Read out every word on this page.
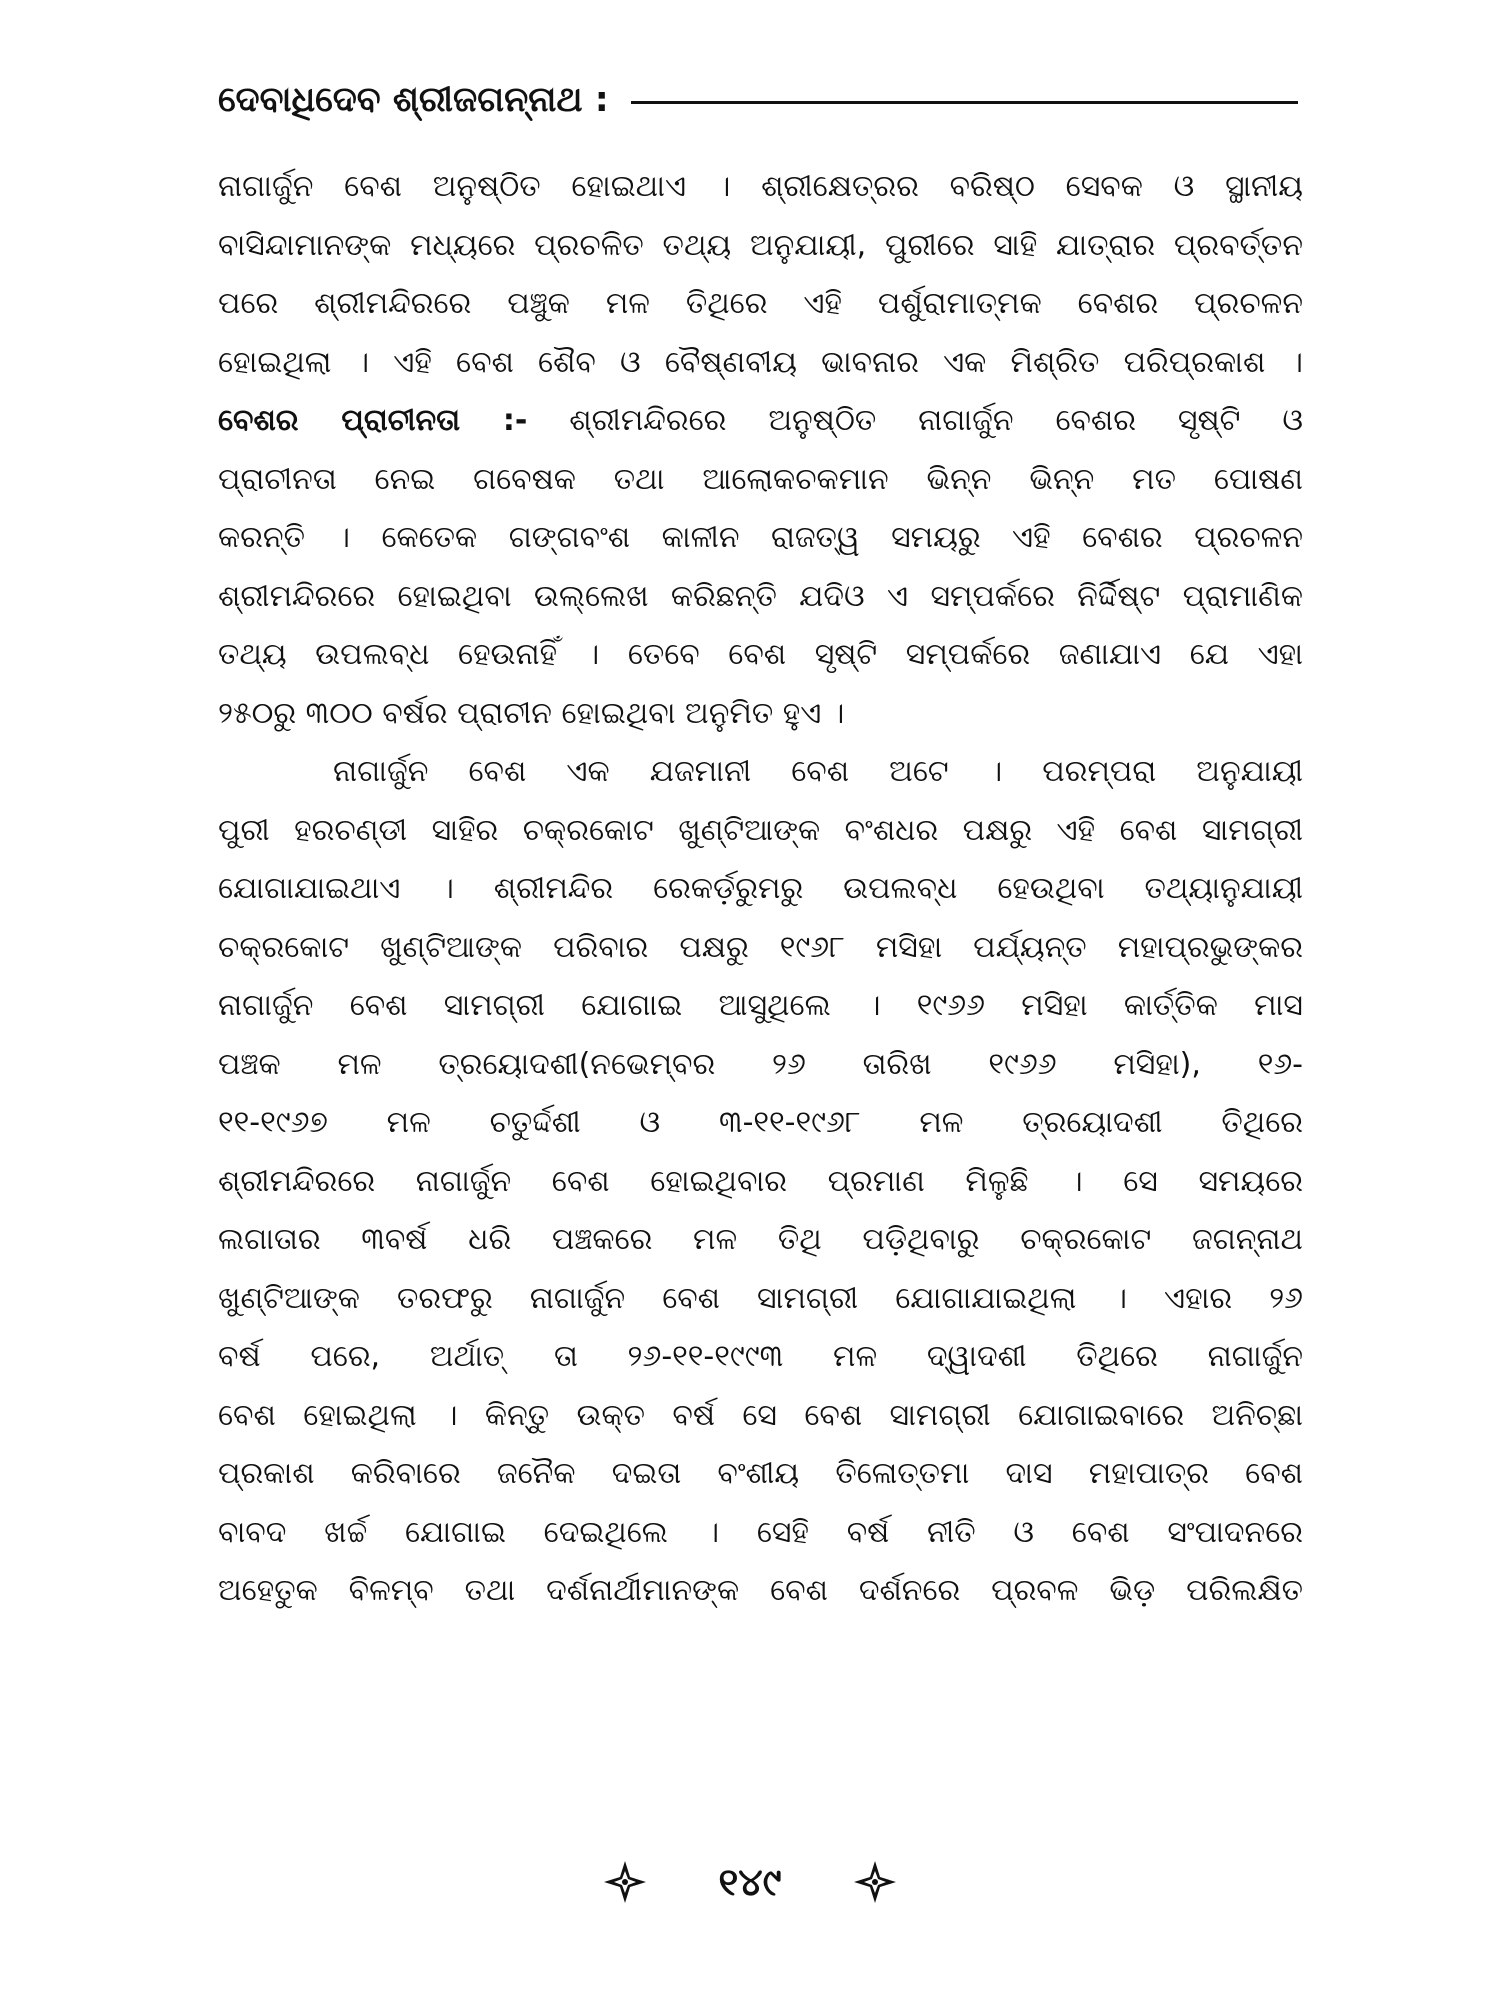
ଦେବାଧିଦେବ ଶ୍ରୀଜଗନ୍ନାଥ :
ନାଗାର୍ଜୁନ ବେଶ ଅନୁଷ୍ଠିତ ହୋଇଥାଏ । ଶ୍ରୀକ୍ଷେତ୍ରର ବରିଷ୍ଠ ସେବକ ଓ ସ୍ଥାନୀୟ
ବାସିନ୍ଦାମାନଙ୍କ ମଧ୍ୟରେ ପ୍ରଚଳିତ ତଥ୍ୟ ଅନୁଯାୟୀ, ପୁରୀରେ ସାହି ଯାତ୍ରାର ପ୍ରବର୍ତ୍ତନ
ପରେ ଶ୍ରୀମନ୍ଦିରରେ ପଞ୍ଚୁକ ମଳ ତିଥିରେ ଏହି ପର୍ଶୁରାମାତ୍ମକ ବେଶର ପ୍ରଚଳନ
ହୋଇଥିଲା । ଏହି ବେଶ ଶୈବ ଓ ବୈଷ୍ଣବୀୟ ଭାବନାର ଏକ ମିଶ୍ରିତ ପରିପ୍ରକାଶ ।
ବେଶର ପ୍ରାଚୀନତା :- ଶ୍ରୀମନ୍ଦିରରେ ଅନୁଷ୍ଠିତ ନାଗାର୍ଜୁନ ବେଶର ସୃଷ୍ଟି ଓ
ପ୍ରାଚୀନତା ନେଇ ଗବେଷକ ତଥା ଆଲୋକଚକମାନ ଭିନ୍ନ ଭିନ୍ନ ମତ ପୋଷଣ
କରନ୍ତି । କେତେକ ଗଙ୍ଗବଂଶ କାଳୀନ ରାଜତ୍ୱ ସମୟରୁ ଏହି ବେଶର ପ୍ରଚଳନ
ଶ୍ରୀମନ୍ଦିରରେ ହୋଇଥିବା ଉଲ୍ଲେଖ କରିଛନ୍ତି ଯଦିଓ ଏ ସମ୍ପର୍କରେ ନିର୍ଦ୍ଦିଷ୍ଟ ପ୍ରାମାଣିକ
ତଥ୍ୟ ଉପଲବ୍ଧ ହେଉନାହିଁ । ତେବେ ବେଶ ସୃଷ୍ଟି ସମ୍ପର୍କରେ ଜଣାଯାଏ ଯେ ଏହା
୨୫୦ରୁ ୩୦୦ ବର୍ଷର ପ୍ରାଚୀନ ହୋଇଥିବା ଅନୁମିତ ହୁଏ ।
ନାଗାର୍ଜୁନ ବେଶ ଏକ ଯଜମାନୀ ବେଶ ଅଟେ । ପରମ୍ପରା ଅନୁଯାୟୀ
ପୁରୀ ହରଚଣ୍ଡୀ ସାହିର ଚକ୍ରକୋଟ ଖୁଣ୍ଟିଆଙ୍କ ବଂଶଧର ପକ୍ଷରୁ ଏହି ବେଶ ସାମଗ୍ରୀ
ଯୋଗାଯାଇଥାଏ । ଶ୍ରୀମନ୍ଦିର ରେକର୍ଡ଼ରୁମରୁ ଉପଲବ୍ଧ ହେଉଥିବା ତଥ୍ୟାନୁଯାୟୀ
ଚକ୍ରକୋଟ ଖୁଣ୍ଟିଆଙ୍କ ପରିବାର ପକ୍ଷରୁ ୧୯୬୮ ମସିହା ପର୍ଯ୍ୟନ୍ତ ମହାପ୍ରଭୁଙ୍କର
ନାଗାର୍ଜୁନ ବେଶ ସାମଗ୍ରୀ ଯୋଗାଇ ଆସୁଥିଲେ । ୧୯୬୬ ମସିହା କାର୍ତ୍ତିକ ମାସ
ପଞ୍ଚକ ମଳ ତ୍ରୟୋଦଶୀ(ନଭେମ୍ବର ୨୬ ତାରିଖ ୧୯୬୬ ମସିହା), ୧୬-
୧୧-୧୯୬୭ ମଳ ଚତୁର୍ଦ୍ଦଶୀ ଓ ୩-୧୧-୧୯୬୮ ମଳ ତ୍ରୟୋଦଶୀ ତିଥିରେ
ଶ୍ରୀମନ୍ଦିରରେ ନାଗାର୍ଜୁନ ବେଶ ହୋଇଥିବାର ପ୍ରମାଣ ମିଳୁଛି । ସେ ସମୟରେ
ଲଗାତାର ୩ବର୍ଷ ଧରି ପଞ୍ଚକରେ ମଳ ତିଥି ପଡ଼ିଥିବାରୁ ଚକ୍ରକୋଟ ଜଗନ୍ନାଥ
ଖୁଣ୍ଟିଆଙ୍କ ତରଫରୁ ନାଗାର୍ଜୁନ ବେଶ ସାମଗ୍ରୀ ଯୋଗାଯାଇଥିଲା । ଏହାର ୨୬
ବର୍ଷ ପରେ, ଅର୍ଥାତ୍ ତା ୨୬-୧୧-୧୯୯୩ ମଳ ଦ୍ୱାଦଶୀ ତିଥିରେ ନାଗାର୍ଜୁନ
ବେଶ ହୋଇଥିଲା । କିନ୍ତୁ ଉକ୍ତ ବର୍ଷ ସେ ବେଶ ସାମଗ୍ରୀ ଯୋଗାଇବାରେ ଅନିଚ୍ଛା
ପ୍ରକାଶ କରିବାରେ ଜନୈକ ଦଇତା ବଂଶୀୟ ତିଳୋତ୍ତମା ଦାସ ମହାପାତ୍ର ବେଶ
ବାବଦ ଖର୍ଚ୍ଚ ଯୋଗାଇ ଦେଇଥିଲେ । ସେହି ବର୍ଷ ନୀତି ଓ ବେଶ ସଂପାଦନରେ
ଅହେତୁକ ବିଳମ୍ବ ତଥା ଦର୍ଶନାର୍ଥୀମାନଙ୍କ ବେଶ ଦର୍ଶନରେ ପ୍ରବଳ ଭିଡ଼ ପରିଲକ୍ଷିତ
୧୪୯
